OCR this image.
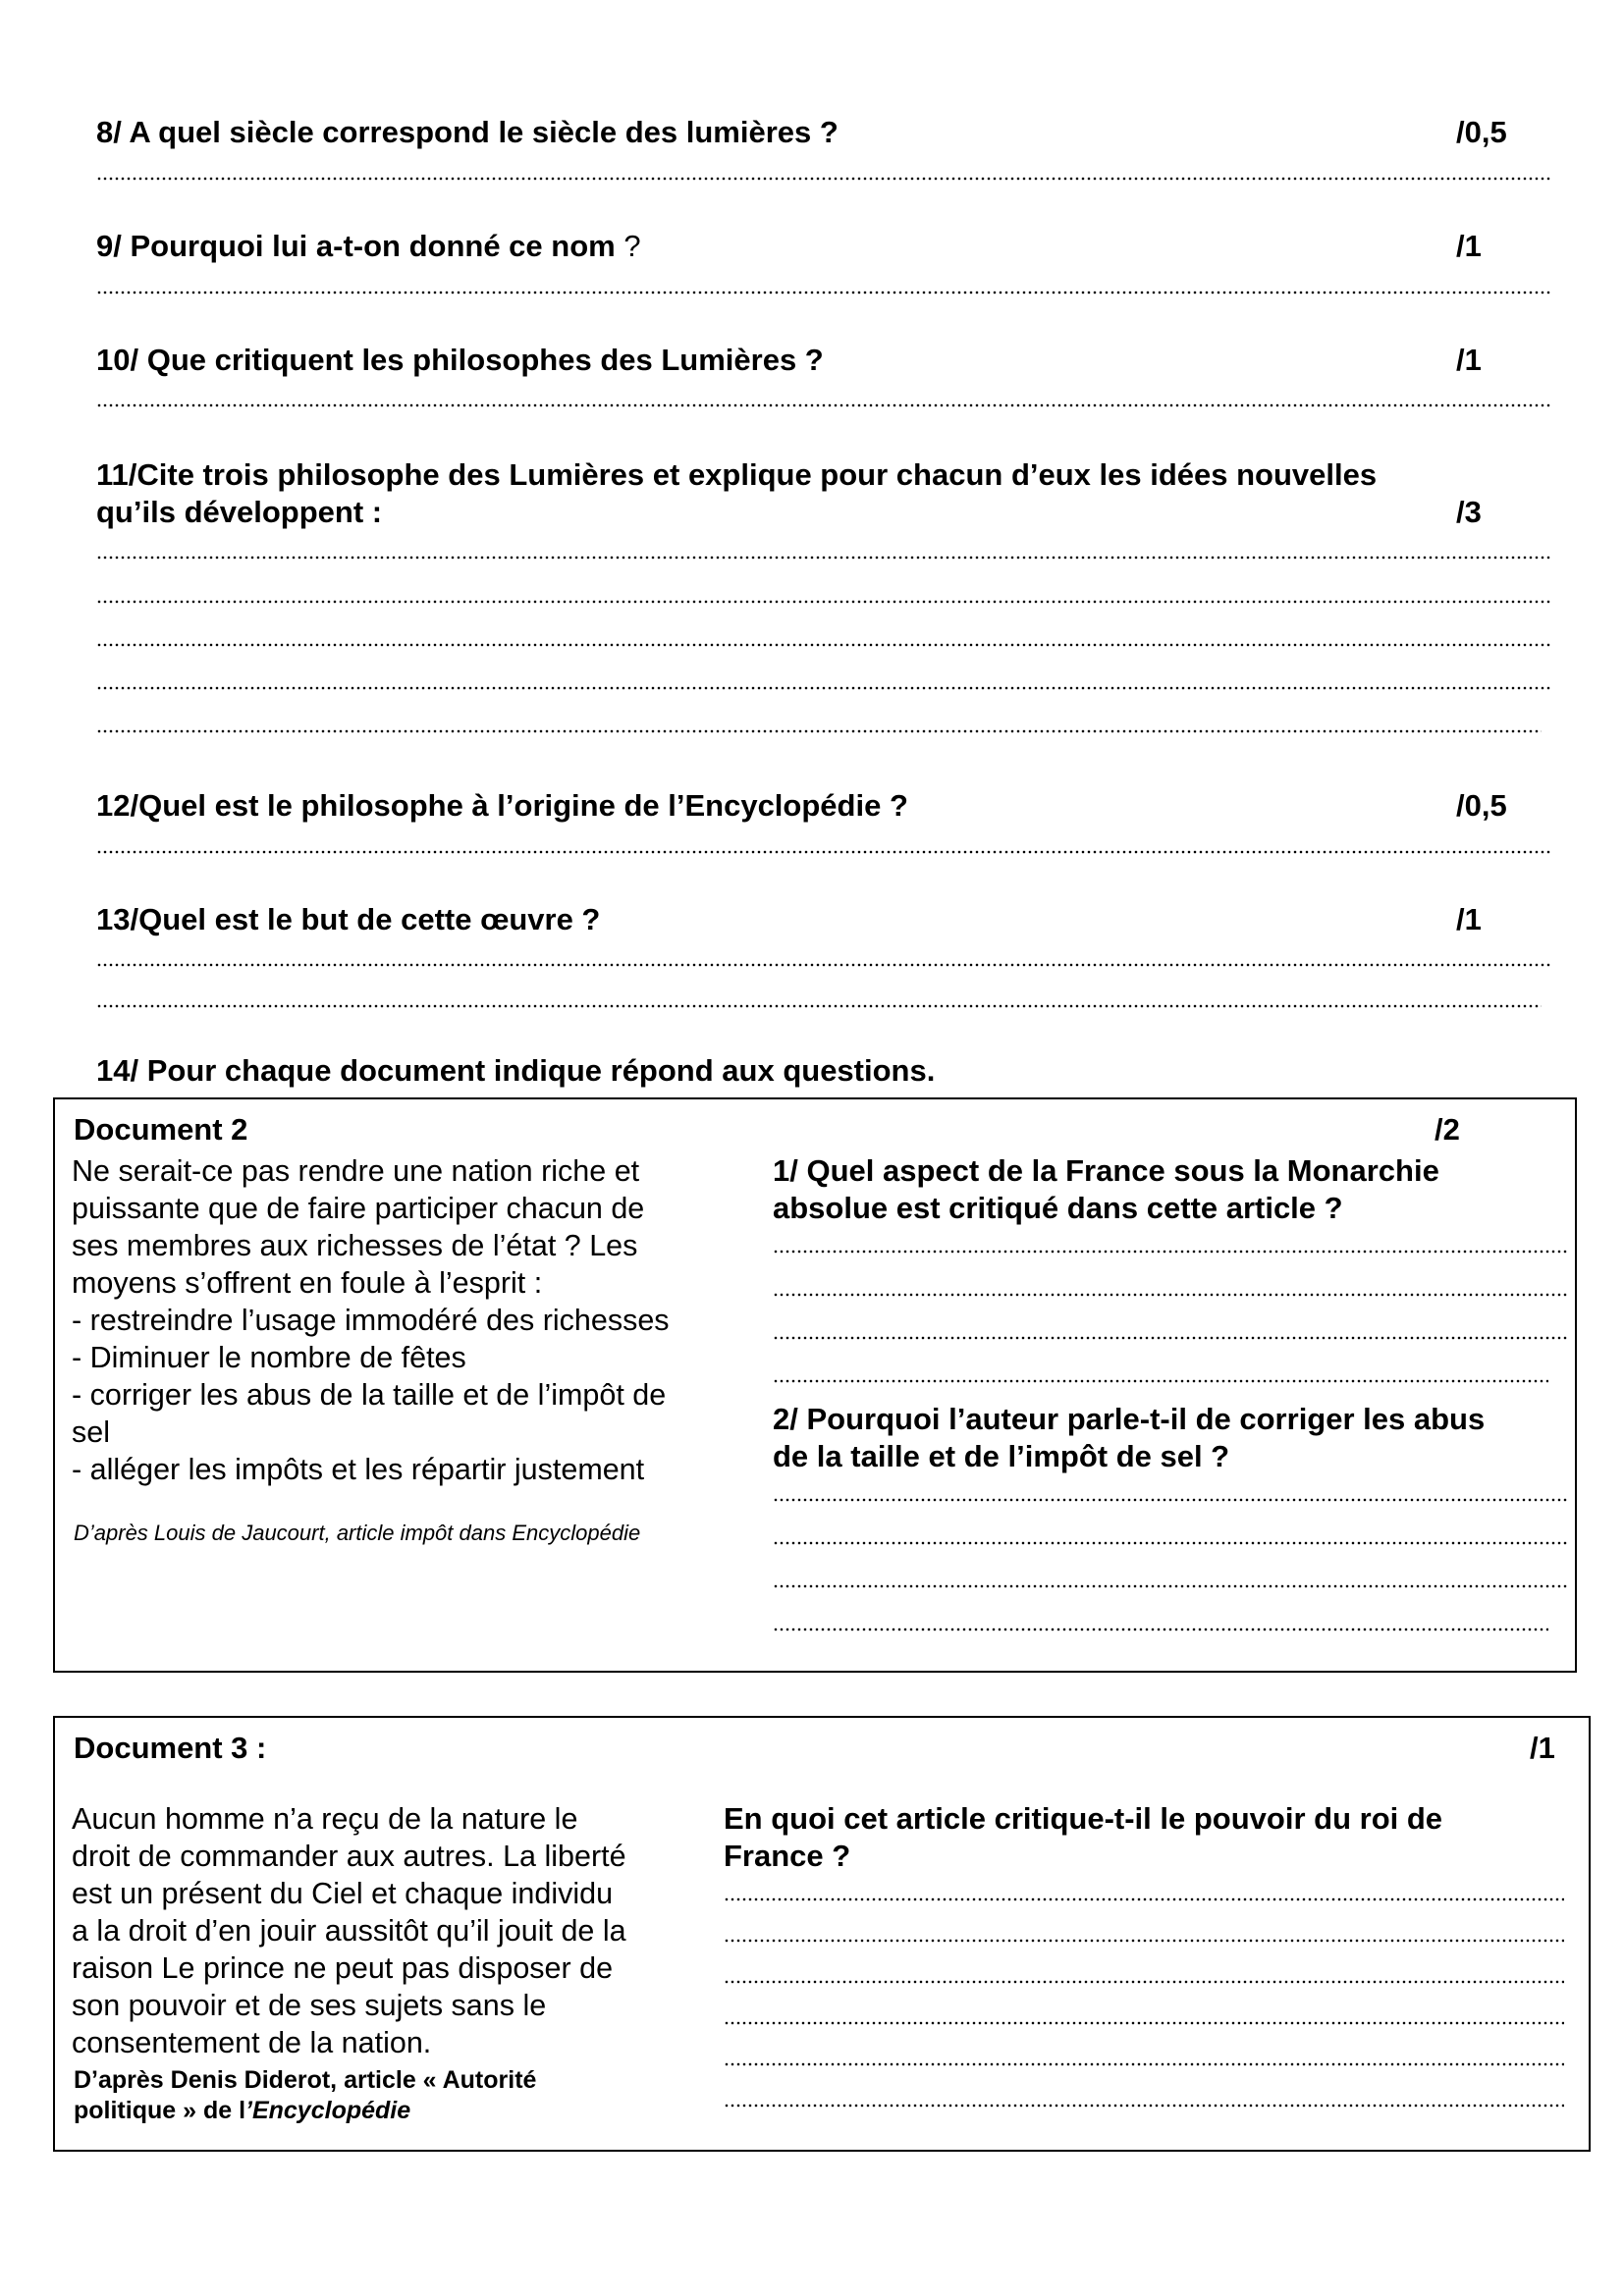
8/ A quel siècle correspond le siècle des lumières ?	/0,5
9/ Pourquoi lui a-t-on donné ce nom ?	/1
10/ Que critiquent les philosophes des Lumières ?	/1
11/Cite trois philosophe des Lumières et explique pour chacun d’eux les idées nouvelles
qu’ils développent :	/3
12/Quel est le philosophe à l’origine de l’Encyclopédie ?	/0,5
13/Quel est le but de cette œuvre ?	/1
14/ Pour chaque document indique répond aux questions.
Document 2	/2
Ne serait-ce pas rendre une nation riche et
puissante que de faire participer chacun de
ses membres aux richesses de l’état ? Les
moyens s’offrent en foule à l’esprit :
- restreindre l’usage immodéré des richesses
- Diminuer le nombre de fêtes
- corriger les abus de la taille et de l’impôt de
sel
- alléger les impôts et les répartir justement
D’après Louis de Jaucourt, article impôt dans Encyclopédie
1/ Quel aspect de la France sous la Monarchie
absolue est critiqué dans cette article ?
2/ Pourquoi l’auteur parle-t-il de corriger les abus
de la taille et de l’impôt de sel ?
Document 3 :	/1
Aucun homme n’a reçu de la nature le
droit de commander aux autres. La liberté
est un présent du Ciel et chaque individu
a la droit d’en jouir aussitôt qu’il jouit de la
raison Le prince ne peut pas disposer de
son pouvoir et de ses sujets sans le
consentement de la nation.
D’après Denis Diderot, article « Autorité
politique » de l’Encyclopédie
En quoi cet article critique-t-il le pouvoir du roi de
France ?
